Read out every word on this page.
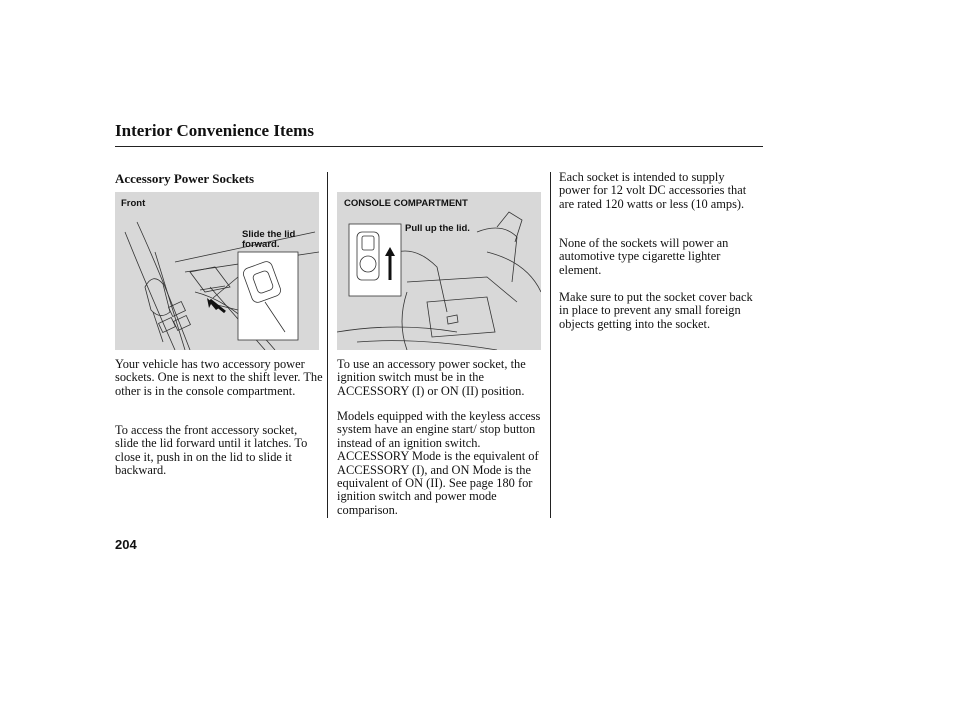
Interior Convenience Items
Accessory Power Sockets
Front
Slide the lid forward.
CONSOLE COMPARTMENT
Pull up the lid.

Your vehicle has two accessory power sockets. One is next to the shift lever. The other is in the console compartment.

To access the front accessory socket, slide the lid forward until it latches. To close it, push in on the lid to slide it backward.

To use an accessory power socket, the ignition switch must be in the ACCESSORY (I) or ON (II) position.

Models equipped with the keyless access system have an engine start/ stop button instead of an ignition switch. ACCESSORY Mode is the equivalent of ACCESSORY (I), and ON Mode is the equivalent of ON (II). See page 180 for ignition switch and power mode comparison.

Each socket is intended to supply power for 12 volt DC accessories that are rated 120 watts or less (10 amps).

None of the sockets will power an automotive type cigarette lighter element.

Make sure to put the socket cover back in place to prevent any small foreign objects getting into the socket.

204
